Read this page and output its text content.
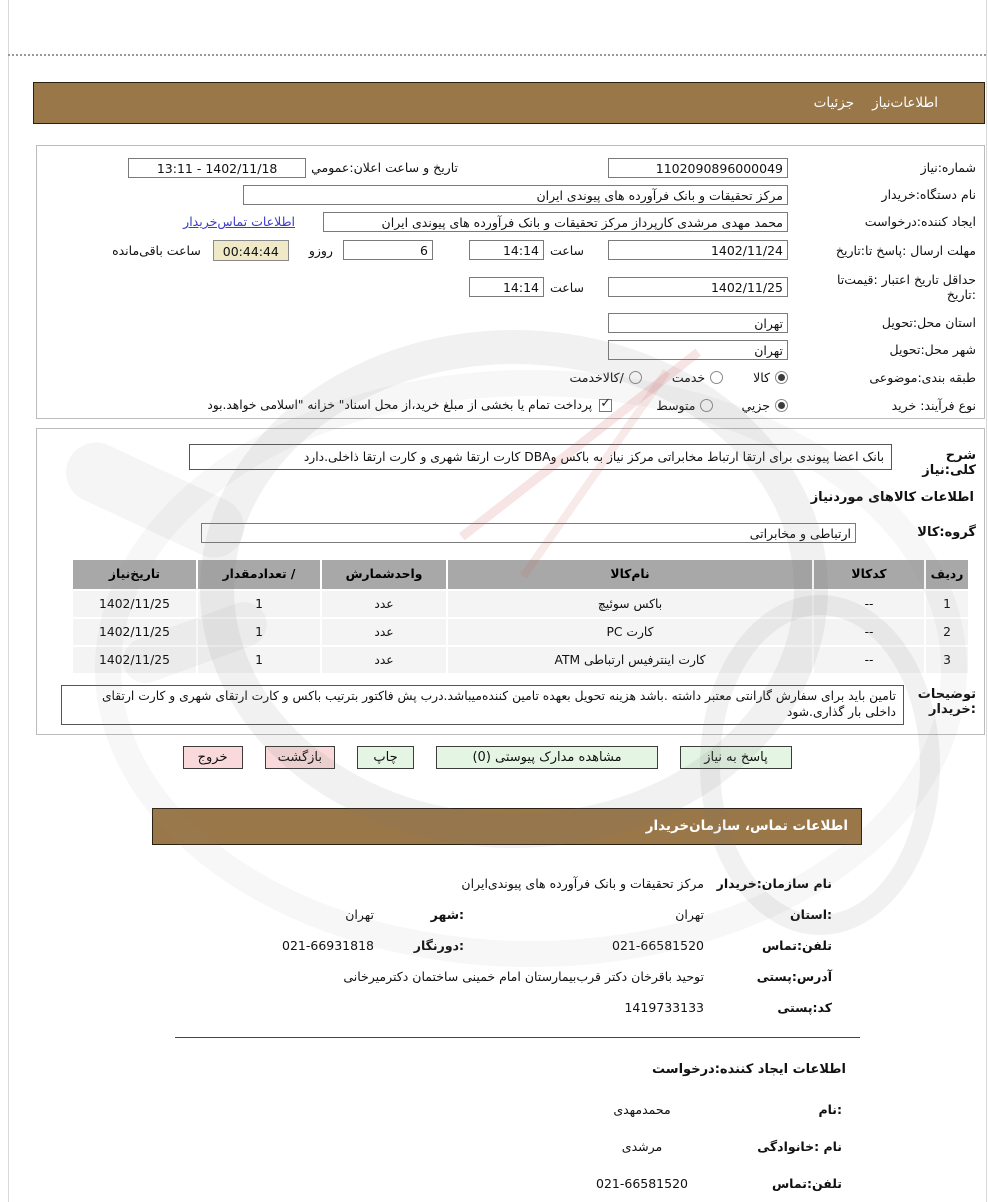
اطلاعات‌نیاز
جزئیات
شماره:نیاز
1102090896000049
تاریخ و ساعت اعلان:عمومي
1402/11/18 - 13:11
نام دستگاه:خریدار
مرکز تحقیقات و بانک فرآورده های پیوندی ایران
ایجاد کننده:درخواست
محمد مهدی مرشدی کارپرداز مرکز تحقیقات و بانک فرآورده های پیوندی ایران
اطلاعات تماس‌خریدار
مهلت ارسال :پاسخ تا:تاریخ
1402/11/24
ساعت
14:14
6
روزو
00:44:44
ساعت باقی‌مانده
حداقل تاریخ اعتبار :قیمت‌تا
:تاریخ
1402/11/25
ساعت
14:14
استان محل:تحویل
تهران
شهر محل:تحویل
تهران
طبقه بندی:موضوعی
کالا
خدمت
/کالاخدمت
نوع فرآیند: خرید
جزیي
متوسط
✓
پرداخت تمام یا بخشی از مبلغ خرید،از محل اسناد" خزانه "اسلامی خواهد.بود
شرح کلی:نیاز
بانک اعضا پیوندی برای ارتقا ارتباط مخابراتی مرکز نیاز به باکس وDBA کارت ارتقا شهری و کارت ارتقا ذاخلی.دارد
اطلاعات کالاهای موردنیاز
گروه:کالا
ارتباطی و مخابراتی
ردیف
کدکالا
نام‌کالا
واحدشمارش
/ تعدادمقدار
تاریخ‌نیاز
1
--
باکس سوئیچ
عدد
1
1402/11/25
2
--
کارت PC
عدد
1
1402/11/25
3
--
کارت اینترفیس ارتباطی ATM
عدد
1
1402/11/25
توضیحات
:خریدار
تامین باید برای سفارش گارانتی معتبر داشته .باشد هزینه تحویل بعهده تامین کننده‌میباشد.درب پش فاکتور بترتیب باکس و کارت ارتقای شهری و کارت ارتقای داخلی بار گذاری.شود
پاسخ به نیاز
مشاهده مدارک پیوستی (0)
چاپ
بازگشت
خروج
اطلاعات تماس، سازمان‌خریدار
نام سازمان:خریدار
مرکز تحقیقات و بانک فرآورده های پیوندی‌ایران
:استان
تهران
:شهر
تهران
تلفن:تماس
021-66581520
:دورنگار
021-66931818
آدرس:پستی
توحید باقرخان دکتر قرب‌بیمارستان امام خمینی ساختمان دکترمیرخانی
کد:پستی
1419733133
اطلاعات ایجاد کننده:درخواست
:نام
محمدمهدی
نام :خانوادگی
مرشدی
تلفن:تماس
021-66581520
